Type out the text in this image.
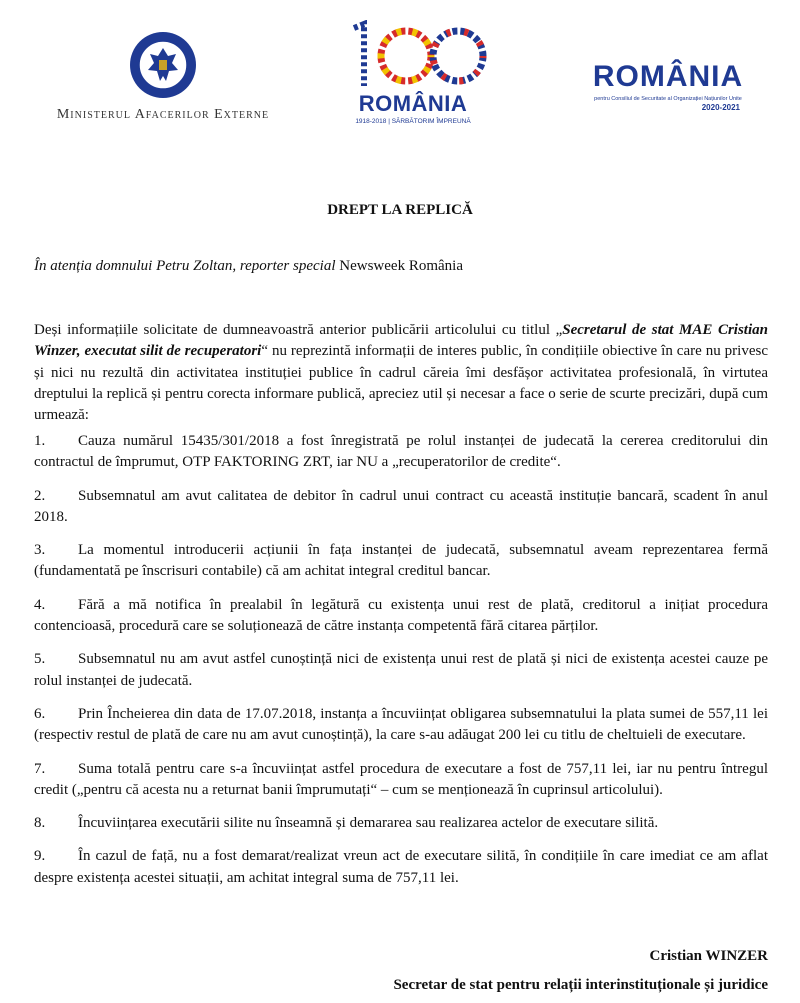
Ministerul Afacerilor Externe	ROMÂNIA
1918-2018 | SĂRBĂTORIM ÎMPREUNĂ
ROMÂNIA
pentru Consiliul de Securitate al Organizației Națiunilor Unite
2020-2021
DREPT LA REPLICĂ
În atenția domnului Petru Zoltan, reporter special Newsweek România
Deși informațiile solicitate de dumneavoastră anterior publicării articolului cu titlul „Secretarul de stat MAE Cristian Winzer, executat silit de recuperatori“ nu reprezintă informații de interes public, în condițiile obiective în care nu privesc și nici nu rezultă din activitatea instituției publice în cadrul căreia îmi desfășor activitatea profesională, în virtutea dreptului la replică și pentru corecta informare publică, apreciez util și necesar a face o serie de scurte precizări, după cum urmează:
1. Cauza numărul 15435/301/2018 a fost înregistrată pe rolul instanței de judecată la cererea creditorului din contractul de împrumut, OTP FAKTORING ZRT, iar NU a „recuperatorilor de credite“.
2. Subsemnatul am avut calitatea de debitor în cadrul unui contract cu această instituție bancară, scadent în anul 2018.
3. La momentul introducerii acțiunii în fața instanței de judecată, subsemnatul aveam reprezentarea fermă (fundamentată pe înscrisuri contabile) că am achitat integral creditul bancar.
4. Fără a mă notifica în prealabil în legătură cu existența unui rest de plată, creditorul a inițiat procedura contencioasă, procedură care se soluționează de către instanța competentă fără citarea părților.
5. Subsemnatul nu am avut astfel cunoștință nici de existența unui rest de plată și nici de existența acestei cauze pe rolul instanței de judecată.
6. Prin Încheierea din data de 17.07.2018, instanța a încuviințat obligarea subsemnatului la plata sumei de 557,11 lei (respectiv restul de plată de care nu am avut cunoștință), la care s-au adăugat 200 lei cu titlu de cheltuieli de executare.
7. Suma totală pentru care s-a încuviințat astfel procedura de executare a fost de 757,11 lei, iar nu pentru întregul credit („pentru că acesta nu a returnat banii împrumutați“ – cum se menționează în cuprinsul articolului).
8. Încuviințarea executării silite nu înseamnă și demararea sau realizarea actelor de executare silită.
9. În cazul de față, nu a fost demarat/realizat vreun act de executare silită, în condițiile în care imediat ce am aflat despre existența acestei situații, am achitat integral suma de 757,11 lei.
Cristian WINZER
Secretar de stat pentru relații interinstituționale și juridice
